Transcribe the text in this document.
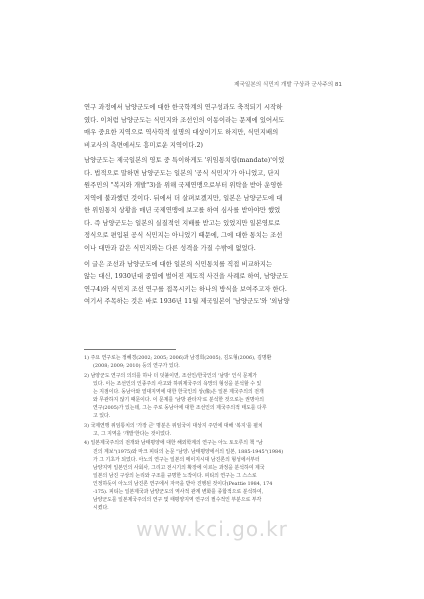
제국일본의 식민지 개발 구상과 군사주의 81
연구 과정에서 남양군도에 대한 한국학계의 연구성과도 축적되기 시작하
였다. 이처럼 남양군도는 식민지와 조선인의 이동이라는 문제에 있어서도
매우 중요한 지역으로 역사학적 설명의 대상이기도 하지만, 식민지배의
비교사의 측면에서도 흥미로운 지역이다.2)
남양군도는 제국일본의 영토 중 특이하게도 '위임통치령(mandate)'이었
다. 법적으로 말하면 남양군도는 일본의 '공식 식민지'가 아니었고, 단지
원주민의 "복지와 개발"3)을 위해 국제연맹으로부터 위탁을 받아 운영한
지역에 불과했던 것이다. 뒤에서 더 살펴보겠지만, 일본은 남양군도에 대
한 위임통치 상황을 매년 국제연맹에 보고를 하여 심사를 받아야만 했었
다. 즉 남양군도는 일본의 실질적인 지배를 받고는 있었지만 일본영토로
정식으로 편입된 공식 식민지는 아니었기 때문에, 그에 대한 통치는 조선
이나 대만과 같은 식민지와는 다른 성격을 가질 수밖에 없었다.
이 글은 조선과 남양군도에 대한 일본의 식민통치를 직접 비교하지는
않는 대신, 1930년대 중엽에 벌어진 제도적 사건을 사례로 하여, 남양군도
연구4)와 식민지 조선 연구를 접목시키는 하나의 방식을 보여주고자 한다.
여기서 주목하는 것은 바로 1936년 11월 제국일본이 '남양군도'와 '외남양
1) 주요 연구로는 정혜경(2002; 2005; 2006)과 남경희(2005), 김도형(2006), 김명환
(2008; 2009; 2010) 등의 연구가 있다.
2) 남양군도 연구의 의의를 하나 더 덧붙이면, 조선인/한국인의 '남방' 인식 문제가
있다. 이는 조선인의 인종주의 사고와 하위제국주의 욕망의 형성을 분석할 수 있
는 지점이다. 동남아와 열대지역에 대한 한국인의 상(像)은 일본 제국주의의 전개
와 무관하지 않기 때문이다. 이 문제를 '남방 관타지'로 분석한 것으로는 권명아의
연구(2005)가 있는데, 그는 주로 동남아에 대한 조선인의 제국주의적 태도를 다루
고 있다.
3) 국제연맹 위임통치의 '가장 큰' 명분은 위임국이 대상지 주민에 대해 '복지'를 펼치
고, 그 지역을 '개발'한다는 것이었다.
4) 일본제국주의의 전개와 남태평양에 대한 해외학계의 연구는 아노 토오루의 책 "남
진의 계보"(1975)와 마크 피티의 논문 "남양: 남태평양에서의 일본, 1885-1945"(1984)
가 그 기초가 되었다. 아노의 연구는 일본의 메이지시대 남진론의 형성에서부터
남양지역 일본인의 사회사, 그리고 전시기의 확장에 이르는 과정을 분석하여 제국
일본의 남진 구상의 논리와 구조를 규명한 노작이다. 피티의 연구는 그 스스로
인정하듯이 아노의 남진론 연구에서 자극을 받아 진행된 것이다(Peattie 1984, 174
-175). 피티는 일본제국과 남양군도의 역사적 관계 변화를 종합적으로 분석하여,
남양군도를 일본제국주의의 연구 및 태평양지역 연구의 필수적인 부분으로 부각
시켰다.
www.kci.go.kr
